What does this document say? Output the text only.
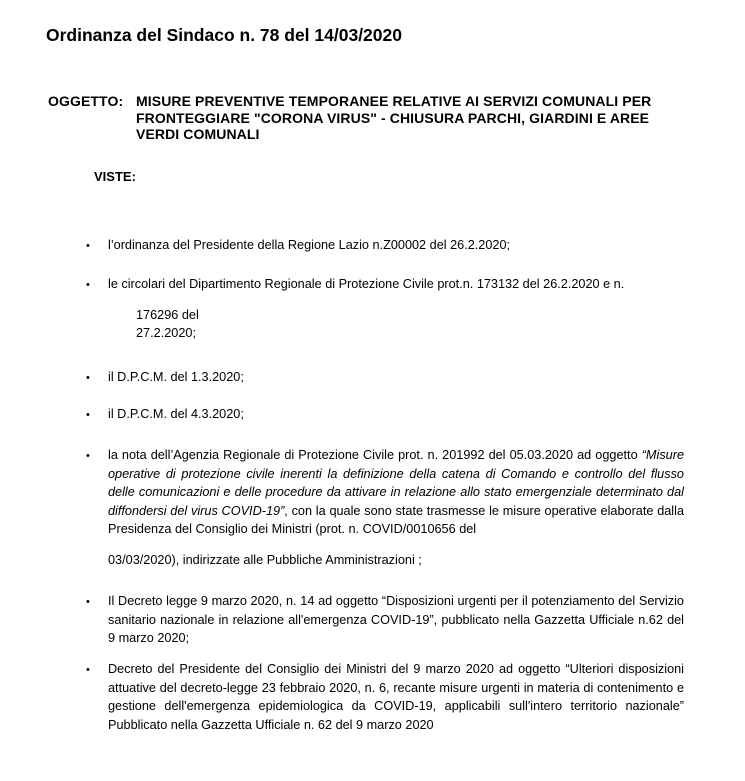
Ordinanza del Sindaco n. 78 del 14/03/2020
OGGETTO: MISURE PREVENTIVE TEMPORANEE RELATIVE AI SERVIZI COMUNALI PER FRONTEGGIARE "CORONA VIRUS" - CHIUSURA PARCHI, GIARDINI E AREE VERDI COMUNALI
VISTE:
• l’ordinanza del Presidente della Regione Lazio n.Z00002 del 26.2.2020;
• le circolari del Dipartimento Regionale di Protezione Civile prot.n. 173132 del 26.2.2020 e n.
176296 del
27.2.2020;
• il D.P.C.M. del 1.3.2020;
• il D.P.C.M. del 4.3.2020;
• la nota dell’Agenzia Regionale di Protezione Civile prot. n. 201992 del 05.03.2020 ad oggetto “Misure operative di protezione civile inerenti la definizione della catena di Comando e controllo del flusso delle comunicazioni e delle procedure da attivare in relazione allo stato emergenziale determinato dal diffondersi del virus COVID-19”, con la quale sono state trasmesse le misure operative elaborate dalla Presidenza del Consiglio dei Ministri (prot. n. COVID/0010656 del
03/03/2020), indirizzate alle Pubbliche Amministrazioni ;
• Il Decreto legge 9 marzo 2020, n. 14 ad oggetto “Disposizioni urgenti per il potenziamento del Servizio sanitario nazionale in relazione all'emergenza COVID-19”, pubblicato nella Gazzetta Ufficiale n.62 del 9 marzo 2020;
• Decreto del Presidente del Consiglio dei Ministri del 9 marzo 2020 ad oggetto “Ulteriori disposizioni attuative del decreto-legge 23 febbraio 2020, n. 6, recante misure urgenti in materia di contenimento e gestione dell'emergenza epidemiologica da COVID-19, applicabili sull'intero territorio nazionale” Pubblicato nella Gazzetta Ufficiale n. 62 del 9 marzo 2020
